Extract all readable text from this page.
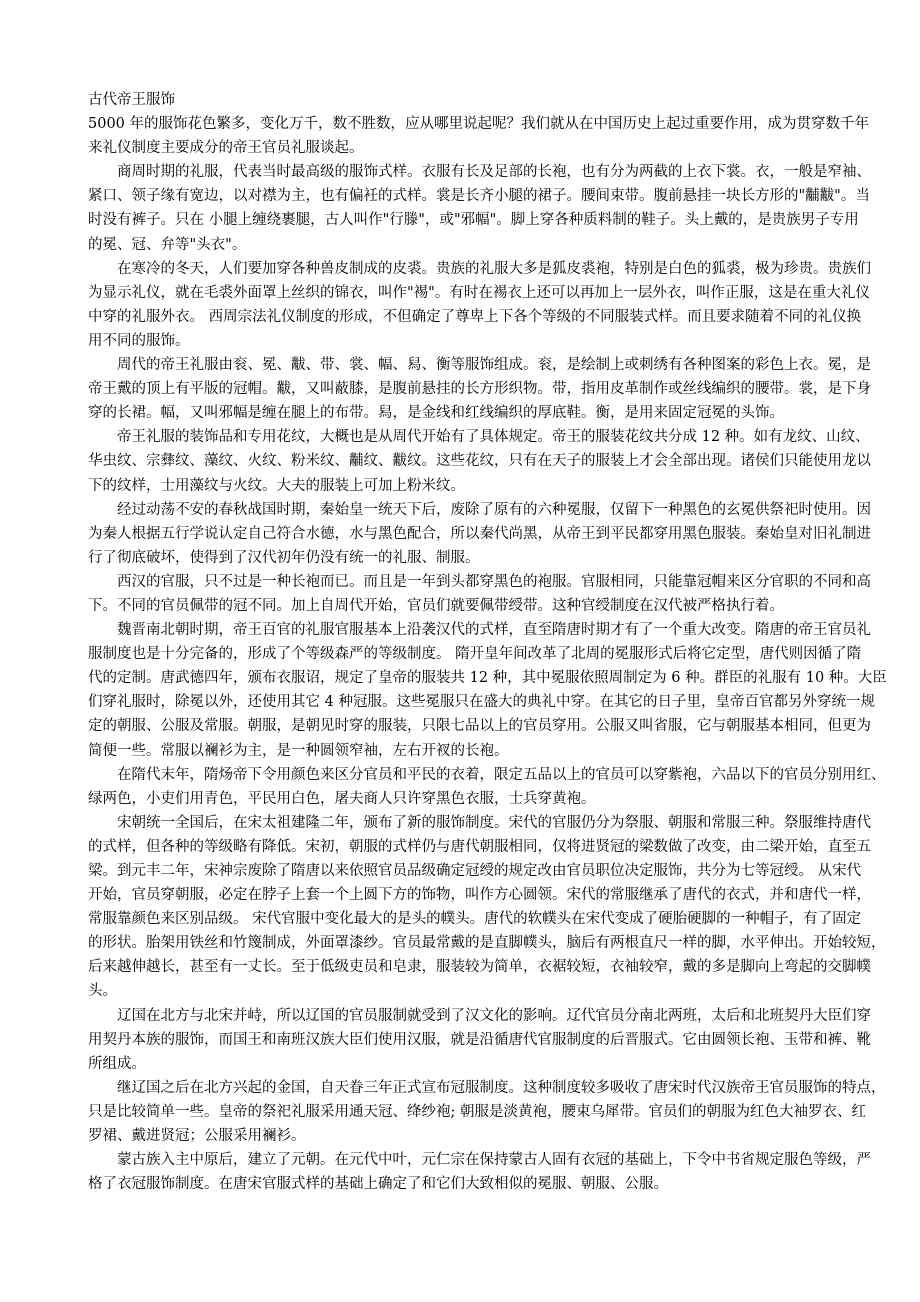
古代帝王服饰
5000 年的服饰花色繁多，变化万千，数不胜数，应从哪里说起呢？我们就从在中国历史上起过重要作用，成为贯穿数千年
来礼仪制度主要成分的帝王官员礼服谈起。
商周时期的礼服，代表当时最高级的服饰式样。衣服有长及足部的长袍，也有分为两截的上衣下裳。衣，一般是窄袖、
紧口、领子缘有宽边，以对襟为主，也有偏衽的式样。裳是长齐小腿的裙子。腰间束带。腹前悬挂一块长方形的"黼黻"。当
时没有裤子。只在 小腿上缠绕裹腿，古人叫作"行滕"，或"邪幅"。脚上穿各种质料制的鞋子。头上戴的，是贵族男子专用
的冕、冠、弁等"头衣"。
在寒冷的冬天，人们要加穿各种兽皮制成的皮裘。贵族的礼服大多是狐皮裘袍，特别是白色的狐裘，极为珍贵。贵族们
为显示礼仪，就在毛裘外面罩上丝织的锦衣，叫作"裼"。有时在裼衣上还可以再加上一层外衣，叫作正服，这是在重大礼仪
中穿的礼服外衣。 西周宗法礼仪制度的形成，不但确定了尊卑上下各个等级的不同服装式样。而且要求随着不同的礼仪换
用不同的服饰。
周代的帝王礼服由衮、冕、黻、带、裳、幅、舄、衡等服饰组成。衮，是绘制上或刺绣有各种图案的彩色上衣。冕，是
帝王戴的顶上有平版的冠帽。黻，又叫蔽膝，是腹前悬挂的长方形织物。带，指用皮革制作或丝线编织的腰带。裳，是下身
穿的长裙。幅，又叫邪幅是缠在腿上的布带。舄，是金线和红线编织的厚底鞋。衡，是用来固定冠冕的头饰。
帝王礼服的装饰品和专用花纹，大概也是从周代开始有了具体规定。帝王的服装花纹共分成 12 种。如有龙纹、山纹、
华虫纹、宗彝纹、藻纹、火纹、粉米纹、黼纹、黻纹。这些花纹，只有在天子的服装上才会全部出现。诸侯们只能使用龙以
下的纹样，士用藻纹与火纹。大夫的服装上可加上粉米纹。
经过动荡不安的春秋战国时期，秦始皇一统天下后，废除了原有的六种冕服，仅留下一种黑色的玄冕供祭祀时使用。因
为秦人根据五行学说认定自己符合水德，水与黑色配合，所以秦代尚黑，从帝王到平民都穿用黑色服装。秦始皇对旧礼制进
行了彻底破坏，使得到了汉代初年仍没有统一的礼服、制服。
西汉的官服，只不过是一种长袍而已。而且是一年到头都穿黑色的袍服。官服相同，只能靠冠帽来区分官职的不同和高
下。不同的官员佩带的冠不同。加上自周代开始，官员们就要佩带绶带。这种官绶制度在汉代被严格执行着。
魏晋南北朝时期，帝王百官的礼服官服基本上沿袭汉代的式样，直至隋唐时期才有了一个重大改变。隋唐的帝王官员礼
服制度也是十分完备的，形成了个等级森严的等级制度。 隋开皇年间改革了北周的冕服形式后将它定型，唐代则因循了隋
代的定制。唐武德四年，颁布衣服诏，规定了皇帝的服装共 12 种，其中冕服依照周制定为 6 种。群臣的礼服有 10 种。大臣
们穿礼服时，除冕以外，还使用其它 4 种冠服。这些冕服只在盛大的典礼中穿。在其它的日子里，皇帝百官都另外穿统一规
定的朝服、公服及常服。朝服，是朝见时穿的服装，只限七品以上的官员穿用。公服又叫省服，它与朝服基本相同，但更为
简便一些。常服以襕衫为主，是一种圆领窄袖，左右开衩的长袍。
在隋代末年，隋炀帝下令用颜色来区分官员和平民的衣着，限定五品以上的官员可以穿紫袍，六品以下的官员分别用红、
绿两色，小吏们用青色，平民用白色，屠夫商人只许穿黑色衣服，士兵穿黄袍。
宋朝统一全国后，在宋太祖建隆二年，颁布了新的服饰制度。宋代的官服仍分为祭服、朝服和常服三种。祭服维持唐代
的式样，但各种的等级略有降低。宋初，朝服的式样仍与唐代朝服相同，仅将进贤冠的梁数做了改变，由二梁开始，直至五
梁。到元丰二年，宋神宗废除了隋唐以来依照官员品级确定冠绶的规定改由官员职位决定服饰，共分为七等冠绶。 从宋代
开始，官员穿朝服，必定在脖子上套一个上圆下方的饰物，叫作方心圆领。宋代的常服继承了唐代的衣式，并和唐代一样，
常服靠颜色来区别品级。 宋代官服中变化最大的是头的幞头。唐代的软幞头在宋代变成了硬胎硬脚的一种帽子，有了固定
的形状。胎架用铁丝和竹篾制成，外面罩漆纱。官员最常戴的是直脚幞头，脑后有两根直尺一样的脚，水平伸出。开始较短，
后来越伸越长，甚至有一丈长。至于低级吏员和皂隶，服装较为简单，衣裾较短，衣袖较窄，戴的多是脚向上弯起的交脚幞
头。
辽国在北方与北宋并峙，所以辽国的官员服制就受到了汉文化的影响。辽代官员分南北两班，太后和北班契丹大臣们穿
用契丹本族的服饰，而国王和南班汉族大臣们使用汉服，就是沿循唐代官服制度的后晋服式。它由圆领长袍、玉带和裤、靴
所组成。
继辽国之后在北方兴起的金国，自天眷三年正式宣布冠服制度。这种制度较多吸收了唐宋时代汉族帝王官员服饰的特点，
只是比较简单一些。皇帝的祭祀礼服采用通天冠、绛纱袍; 朝服是淡黄袍，腰束乌犀带。官员们的朝服为红色大袖罗衣、红
罗裙、戴进贤冠；公服采用襕衫。
蒙古族入主中原后，建立了元朝。在元代中叶，元仁宗在保持蒙古人固有衣冠的基础上，下令中书省规定服色等级，严
格了衣冠服饰制度。在唐宋官服式样的基础上确定了和它们大致相似的冕服、朝服、公服。
